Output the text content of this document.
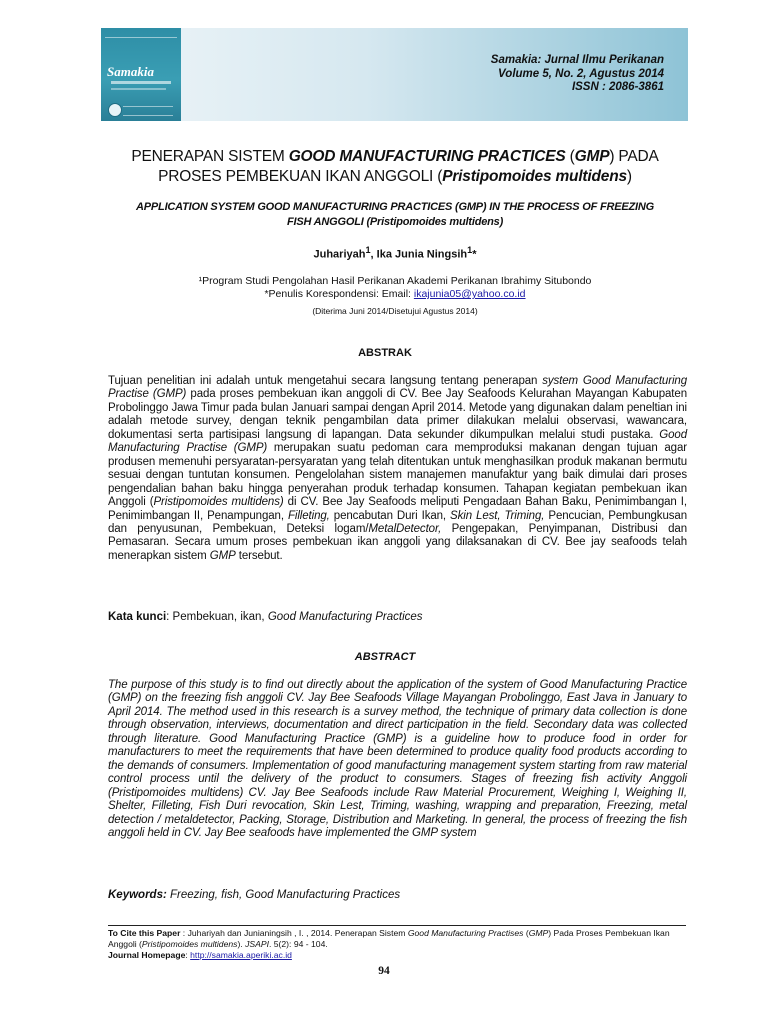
Samakia
Samakia: Jurnal Ilmu Perikanan
Volume 5, No. 2, Agustus 2014
ISSN : 2086-3861
PENERAPAN SISTEM GOOD MANUFACTURING PRACTICES (GMP) PADA
PROSES PEMBEKUAN IKAN ANGGOLI (Pristipomoides multidens)
APPLICATION SYSTEM GOOD MANUFACTURING PRACTICES (GMP) IN THE PROCESS OF FREEZING
FISH ANGGOLI (Pristipomoides multidens)
Juhariyah$^1$, Ika Junia Ningsih$^1$*
¹Program Studi Pengolahan Hasil Perikanan Akademi Perikanan Ibrahimy Situbondo
*Penulis Korespondensi: Email: ikajunia05@yahoo.co.id
(Diterima Juni 2014/Disetujui Agustus 2014)
ABSTRAK
Tujuan penelitian ini adalah untuk mengetahui secara langsung tentang penerapan system Good Manufacturing Practise (GMP) pada proses pembekuan ikan anggoli di CV. Bee Jay Seafoods Kelurahan Mayangan Kabupaten Probolinggo Jawa Timur pada bulan Januari sampai dengan April 2014. Metode yang digunakan dalam peneltian ini adalah metode survey, dengan teknik pengambilan data primer dilakukan melalui observasi, wawancara, dokumentasi serta partisipasi langsung di lapangan. Data sekunder dikumpulkan melalui studi pustaka. Good Manufacturing Practise (GMP) merupakan suatu pedoman cara memproduksi makanan dengan tujuan agar produsen memenuhi persyaratan-persyaratan yang telah ditentukan untuk menghasilkan produk makanan bermutu sesuai dengan tuntutan konsumen. Pengelolahan sistem manajemen manufaktur yang baik dimulai dari proses pengendalian bahan baku hingga penyerahan produk terhadap konsumen. Tahapan kegiatan pembekuan ikan Anggoli (Pristipomoides multidens) di CV. Bee Jay Seafoods meliputi Pengadaan Bahan Baku, Penimimbangan I, Penimimbangan II, Penampungan, Filleting, pencabutan Duri Ikan, Skin Lest, Triming, Pencucian, Pembungkusan dan penyusunan, Pembekuan, Deteksi logam/MetalDetector, Pengepakan, Penyimpanan, Distribusi dan Pemasaran. Secara umum proses pembekuan ikan anggoli yang dilaksanakan di CV. Bee jay seafoods telah menerapkan sistem GMP tersebut.
Kata kunci: Pembekuan, ikan, Good Manufacturing Practices
ABSTRACT
The purpose of this study is to find out directly about the application of the system of Good Manufacturing Practice (GMP) on the freezing fish anggoli CV. Jay Bee Seafoods Village Mayangan Probolinggo, East Java in January to April 2014. The method used in this research is a survey method, the technique of primary data collection is done through observation, interviews, documentation and direct participation in the field. Secondary data was collected through literature. Good Manufacturing Practice (GMP) is a guideline how to produce food in order for manufacturers to meet the requirements that have been determined to produce quality food products according to the demands of consumers. Implementation of good manufacturing management system starting from raw material control process until the delivery of the product to consumers. Stages of freezing fish activity Anggoli (Pristipomoides multidens) CV. Jay Bee Seafoods include Raw Material Procurement, Weighing I, Weighing II, Shelter, Filleting, Fish Duri revocation, Skin Lest, Triming, washing, wrapping and preparation, Freezing, metal detection / metaldetector, Packing, Storage, Distribution and Marketing. In general, the process of freezing the fish anggoli held in CV. Jay Bee seafoods have implemented the GMP system
Keywords: Freezing, fish, Good Manufacturing Practices
To Cite this Paper : Juhariyah dan Junianingsih , I. , 2014. Penerapan Sistem Good Manufacturing Practises (GMP) Pada Proses Pembekuan Ikan Anggoli (Pristipomoides multidens). JSAPI. 5(2): 94 - 104.
Journal Homepage: http://samakia.aperiki.ac.id
94
